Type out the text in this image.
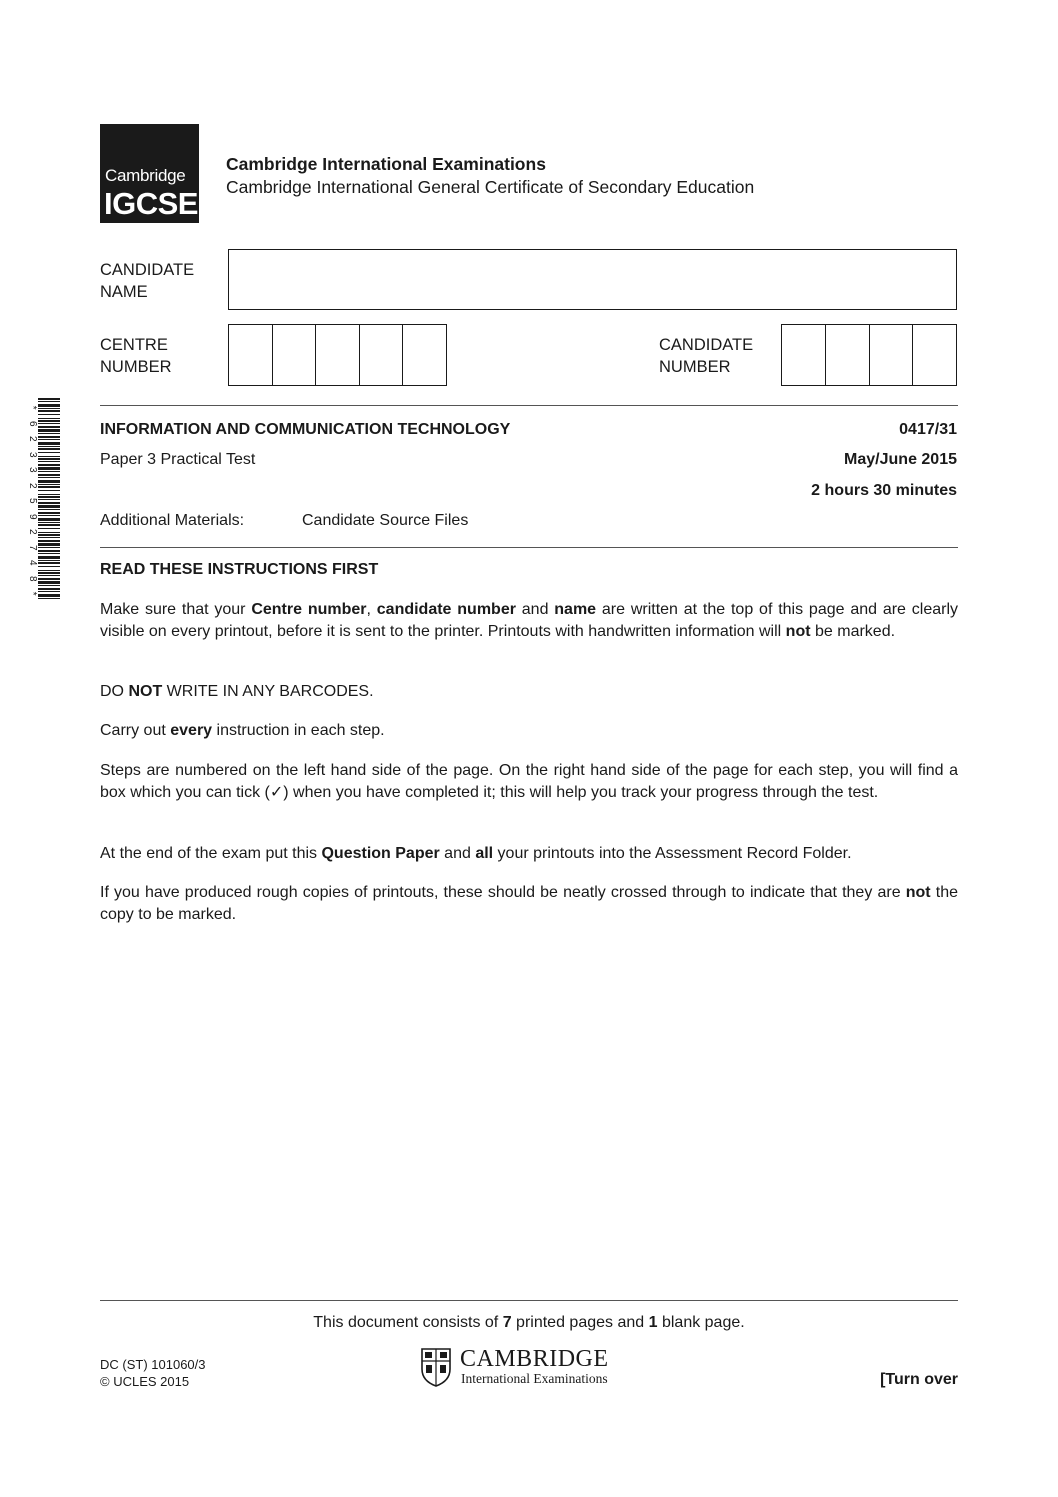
Cambridge
IGCSE
Cambridge International Examinations
Cambridge International General Certificate of Secondary Education
CANDIDATE
NAME
CENTRE
NUMBER
CANDIDATE
NUMBER
*
6
2
3
3
2
5
9
2
7
4
8
*
INFORMATION AND COMMUNICATION TECHNOLOGY	0417/31
Paper 3 Practical Test	May/June 2015
2 hours 30 minutes
Additional Materials:	Candidate Source Files
READ THESE INSTRUCTIONS FIRST
Make sure that your Centre number, candidate number and name are written at the top of this page and are clearly visible on every printout, before it is sent to the printer. Printouts with handwritten information will not be marked.
DO NOT WRITE IN ANY BARCODES.
Carry out every instruction in each step.
Steps are numbered on the left hand side of the page. On the right hand side of the page for each step, you will find a box which you can tick (✓) when you have completed it; this will help you track your progress through the test.
At the end of the exam put this Question Paper and all your printouts into the Assessment Record Folder.
If you have produced rough copies of printouts, these should be neatly crossed through to indicate that they are not the copy to be marked.
This document consists of 7 printed pages and 1 blank page.
DC (ST) 101060/3
© UCLES 2015
CAMBRIDGE
International Examinations	[Turn over
